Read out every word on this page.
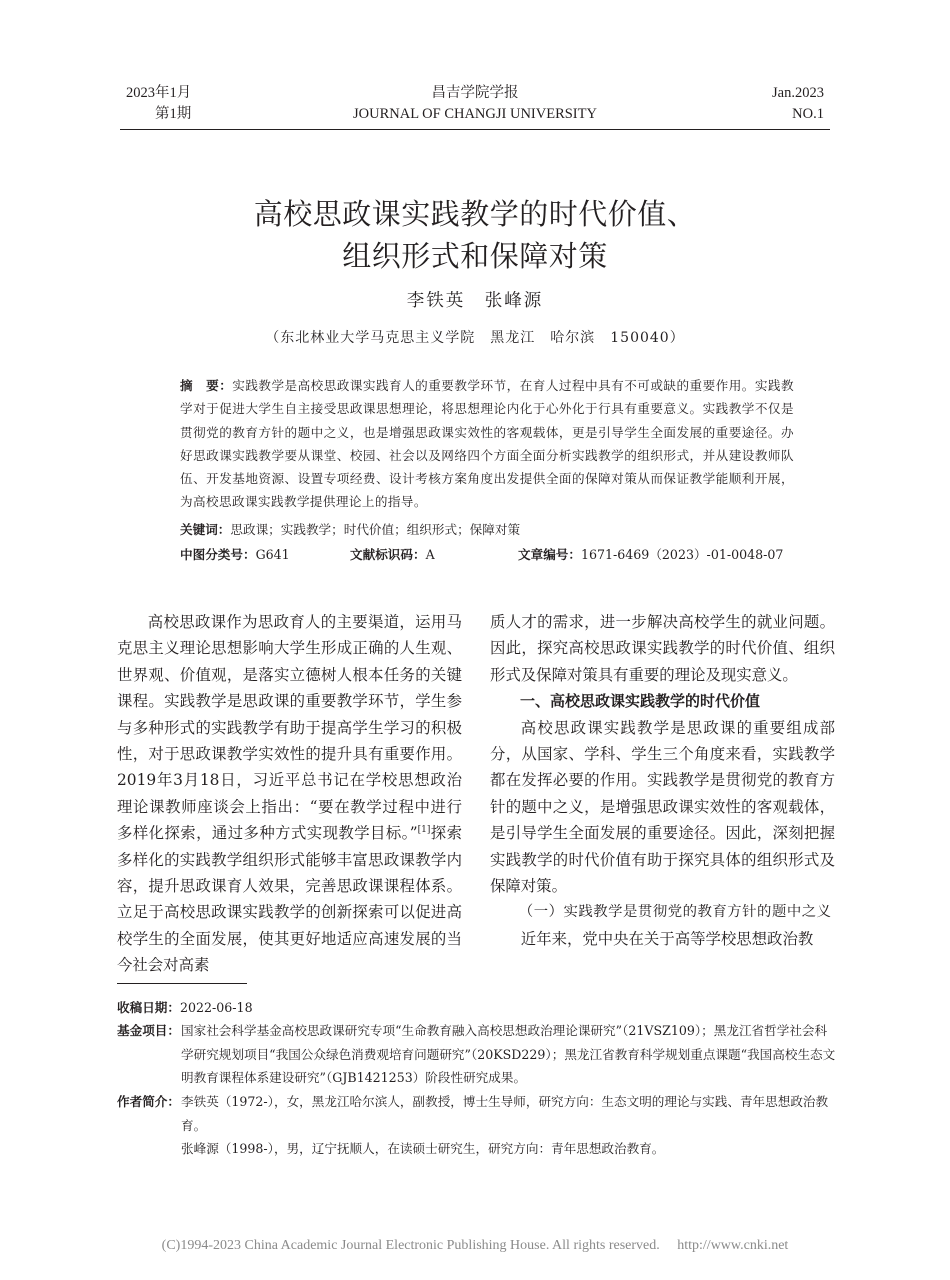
2023年1月
第1期
昌吉学院学报
JOURNAL OF CHANGJI UNIVERSITY
Jan.2023
NO.1
高校思政课实践教学的时代价值、
组织形式和保障对策
李铁英　张峰源
（东北林业大学马克思主义学院　黑龙江　哈尔滨　150040）
摘　要：实践教学是高校思政课实践育人的重要教学环节，在育人过程中具有不可或缺的重要作用。实践教学对于促进大学生自主接受思政课思想理论，将思想理论内化于心外化于行具有重要意义。实践教学不仅是贯彻党的教育方针的题中之义，也是增强思政课实效性的客观载体，更是引导学生全面发展的重要途径。办好思政课实践教学要从课堂、校园、社会以及网络四个方面全面分析实践教学的组织形式，并从建设教师队伍、开发基地资源、设置专项经费、设计考核方案角度出发提供全面的保障对策从而保证教学能顺利开展，为高校思政课实践教学提供理论上的指导。
关键词：思政课；实践教学；时代价值；组织形式；保障对策
中图分类号：G641	文献标识码：A	文章编号：1671-6469（2023）-01-0048-07

高校思政课作为思政育人的主要渠道，运用马克思主义理论思想影响大学生形成正确的人生观、世界观、价值观，是落实立德树人根本任务的关键课程。实践教学是思政课的重要教学环节，学生参与多种形式的实践教学有助于提高学生学习的积极性，对于思政课教学实效性的提升具有重要作用。2019年3月18日，习近平总书记在学校思想政治理论课教师座谈会上指出：“要在教学过程中进行多样化探索，通过多种方式实现教学目标。”[1]探索多样化的实践教学组织形式能够丰富思政课教学内容，提升思政课育人效果，完善思政课课程体系。立足于高校思政课实践教学的创新探索可以促进高校学生的全面发展，使其更好地适应高速发展的当今社会对高素

质人才的需求，进一步解决高校学生的就业问题。因此，探究高校思政课实践教学的时代价值、组织形式及保障对策具有重要的理论及现实意义。

一、高校思政课实践教学的时代价值

高校思政课实践教学是思政课的重要组成部分，从国家、学科、学生三个角度来看，实践教学都在发挥必要的作用。实践教学是贯彻党的教育方针的题中之义，是增强思政课实效性的客观载体，是引导学生全面发展的重要途径。因此，深刻把握实践教学的时代价值有助于探究具体的组织形式及保障对策。

（一）实践教学是贯彻党的教育方针的题中之义

近年来，党中央在关于高等学校思想政治教

收稿日期：2022-06-18
基金项目： 国家社会科学基金高校思政课研究专项“生命教育融入高校思想政治理论课研究”（21VSZ109）；黑龙江省哲学社会科学研究规划项目“我国公众绿色消费观培育问题研究”（20KSD229）；黑龙江省教育科学规划重点课题“我国高校生态文明教育课程体系建设研究”（GJB1421253）阶段性研究成果。
作者简介： 李铁英（1972-），女，黑龙江哈尔滨人，副教授，博士生导师，研究方向：生态文明的理论与实践、青年思想政治教育。
张峰源（1998-），男，辽宁抚顺人，在读硕士研究生，研究方向：青年思想政治教育。
(C)1994-2023 China Academic Journal Electronic Publishing House. All rights reserved.　 http://www.cnki.net
